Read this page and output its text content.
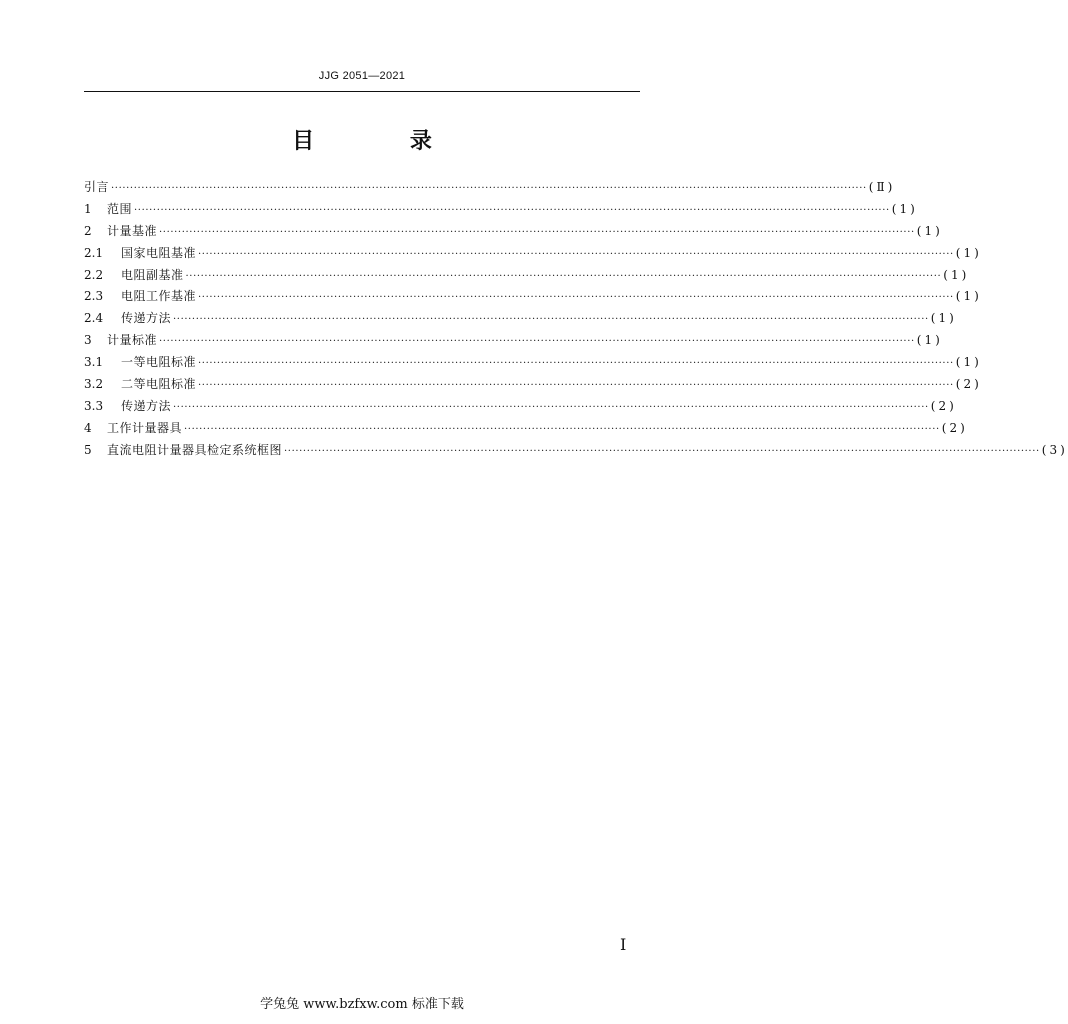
JJG 2051—2021
目 录
引言 ········································································································································································································ (Ⅱ)
1	范围 ········································································································································································································ (1)
2	计量基准 ········································································································································································································ (1)
2.1	国家电阻基准 ········································································································································································································ (1)
2.2	电阻副基准 ········································································································································································································ (1)
2.3	电阻工作基准 ········································································································································································································ (1)
2.4	传递方法 ········································································································································································································ (1)
3	计量标准 ········································································································································································································ (1)
3.1	一等电阻标准 ········································································································································································································ (1)
3.2	二等电阻标准 ········································································································································································································ (2)
3.3	传递方法 ········································································································································································································ (2)
4	工作计量器具 ········································································································································································································ (2)
5	直流电阻计量器具检定系统框图 ········································································································································································································ (3)
I
学兔兔 www.bzfxw.com 标准下载
